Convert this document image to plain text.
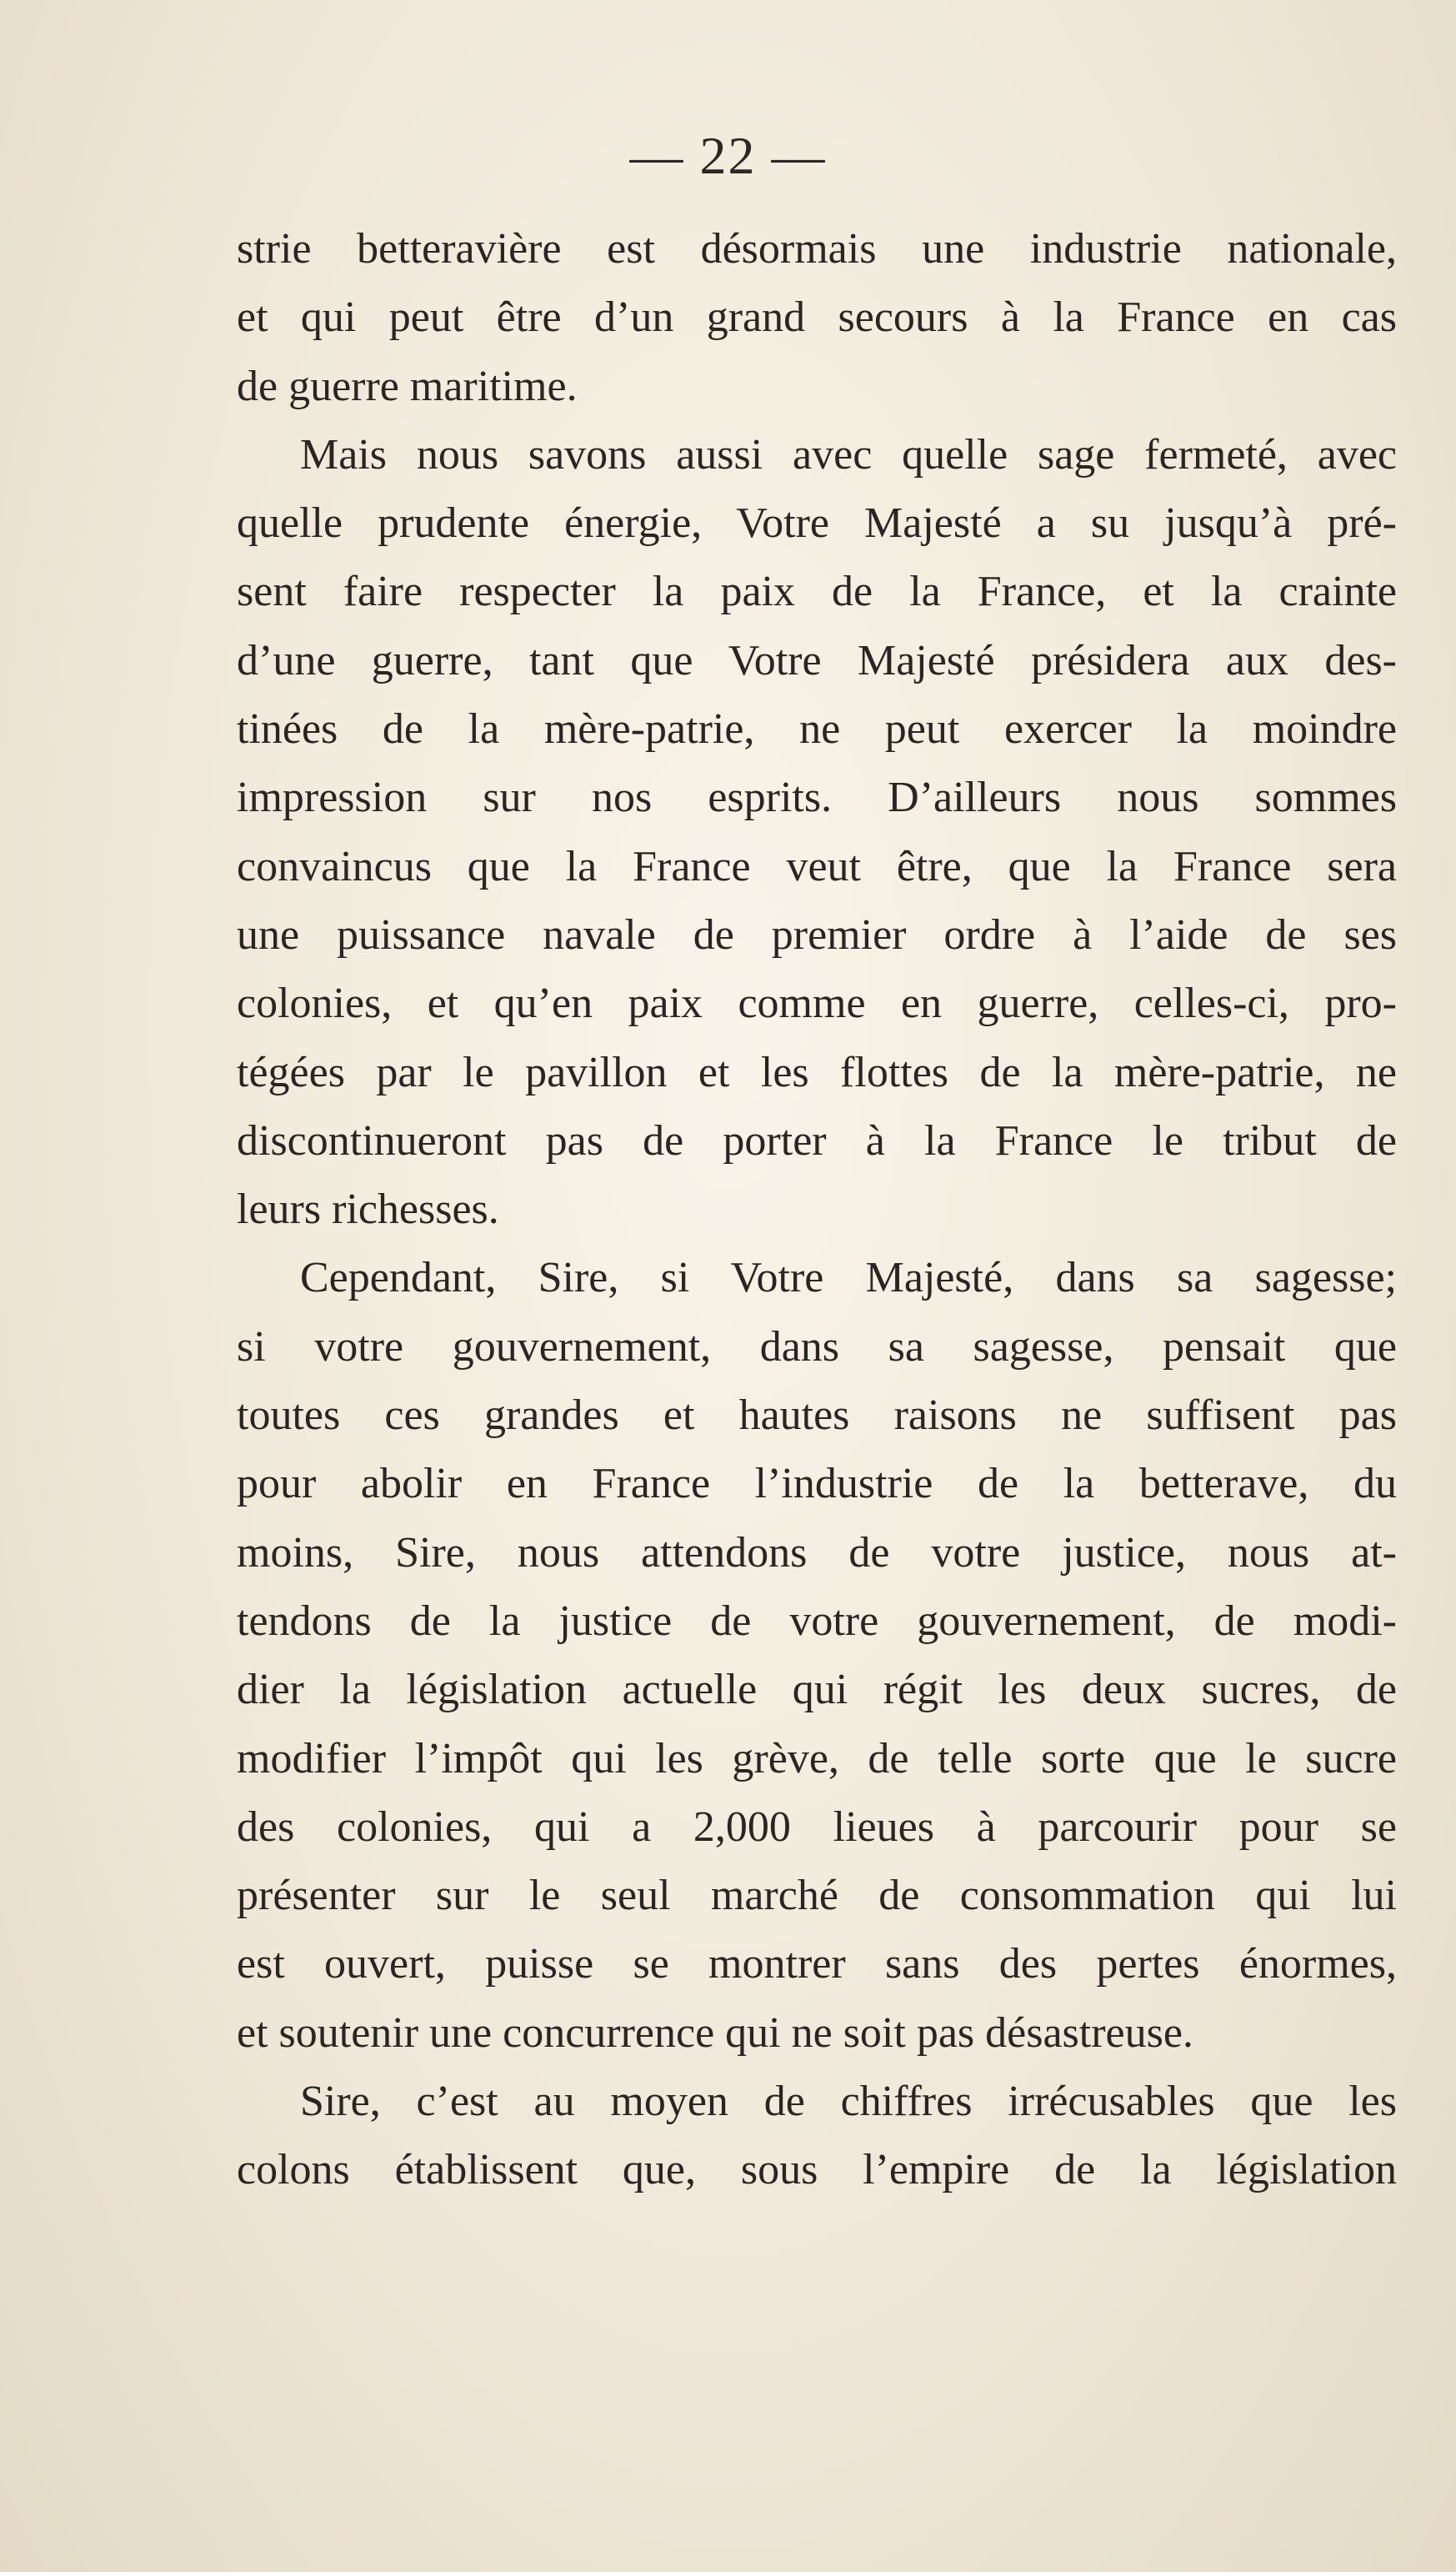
— 22 —
strie betteravière est désormais une industrie nationale,
et qui peut être d’un grand secours à la France en cas
de guerre maritime.
Mais nous savons aussi avec quelle sage fermeté, avec
quelle prudente énergie, Votre Majesté a su jusqu’à pré-
sent faire respecter la paix de la France, et la crainte
d’une guerre, tant que Votre Majesté présidera aux des-
tinées de la mère-patrie, ne peut exercer la moindre
impression sur nos esprits. D’ailleurs nous sommes
convaincus que la France veut être, que la France sera
une puissance navale de premier ordre à l’aide de ses
colonies, et qu’en paix comme en guerre, celles-ci, pro-
tégées par le pavillon et les flottes de la mère-patrie, ne
discontinueront pas de porter à la France le tribut de
leurs richesses.
Cependant, Sire, si Votre Majesté, dans sa sagesse;
si votre gouvernement, dans sa sagesse, pensait que
toutes ces grandes et hautes raisons ne suffisent pas
pour abolir en France l’industrie de la betterave, du
moins, Sire, nous attendons de votre justice, nous at-
tendons de la justice de votre gouvernement, de modi-
dier la législation actuelle qui régit les deux sucres, de
modifier l’impôt qui les grève, de telle sorte que le sucre
des colonies, qui a 2,000 lieues à parcourir pour se
présenter sur le seul marché de consommation qui lui
est ouvert, puisse se montrer sans des pertes énormes,
et soutenir une concurrence qui ne soit pas désastreuse.
Sire, c’est au moyen de chiffres irrécusables que les
colons établissent que, sous l’empire de la législation
